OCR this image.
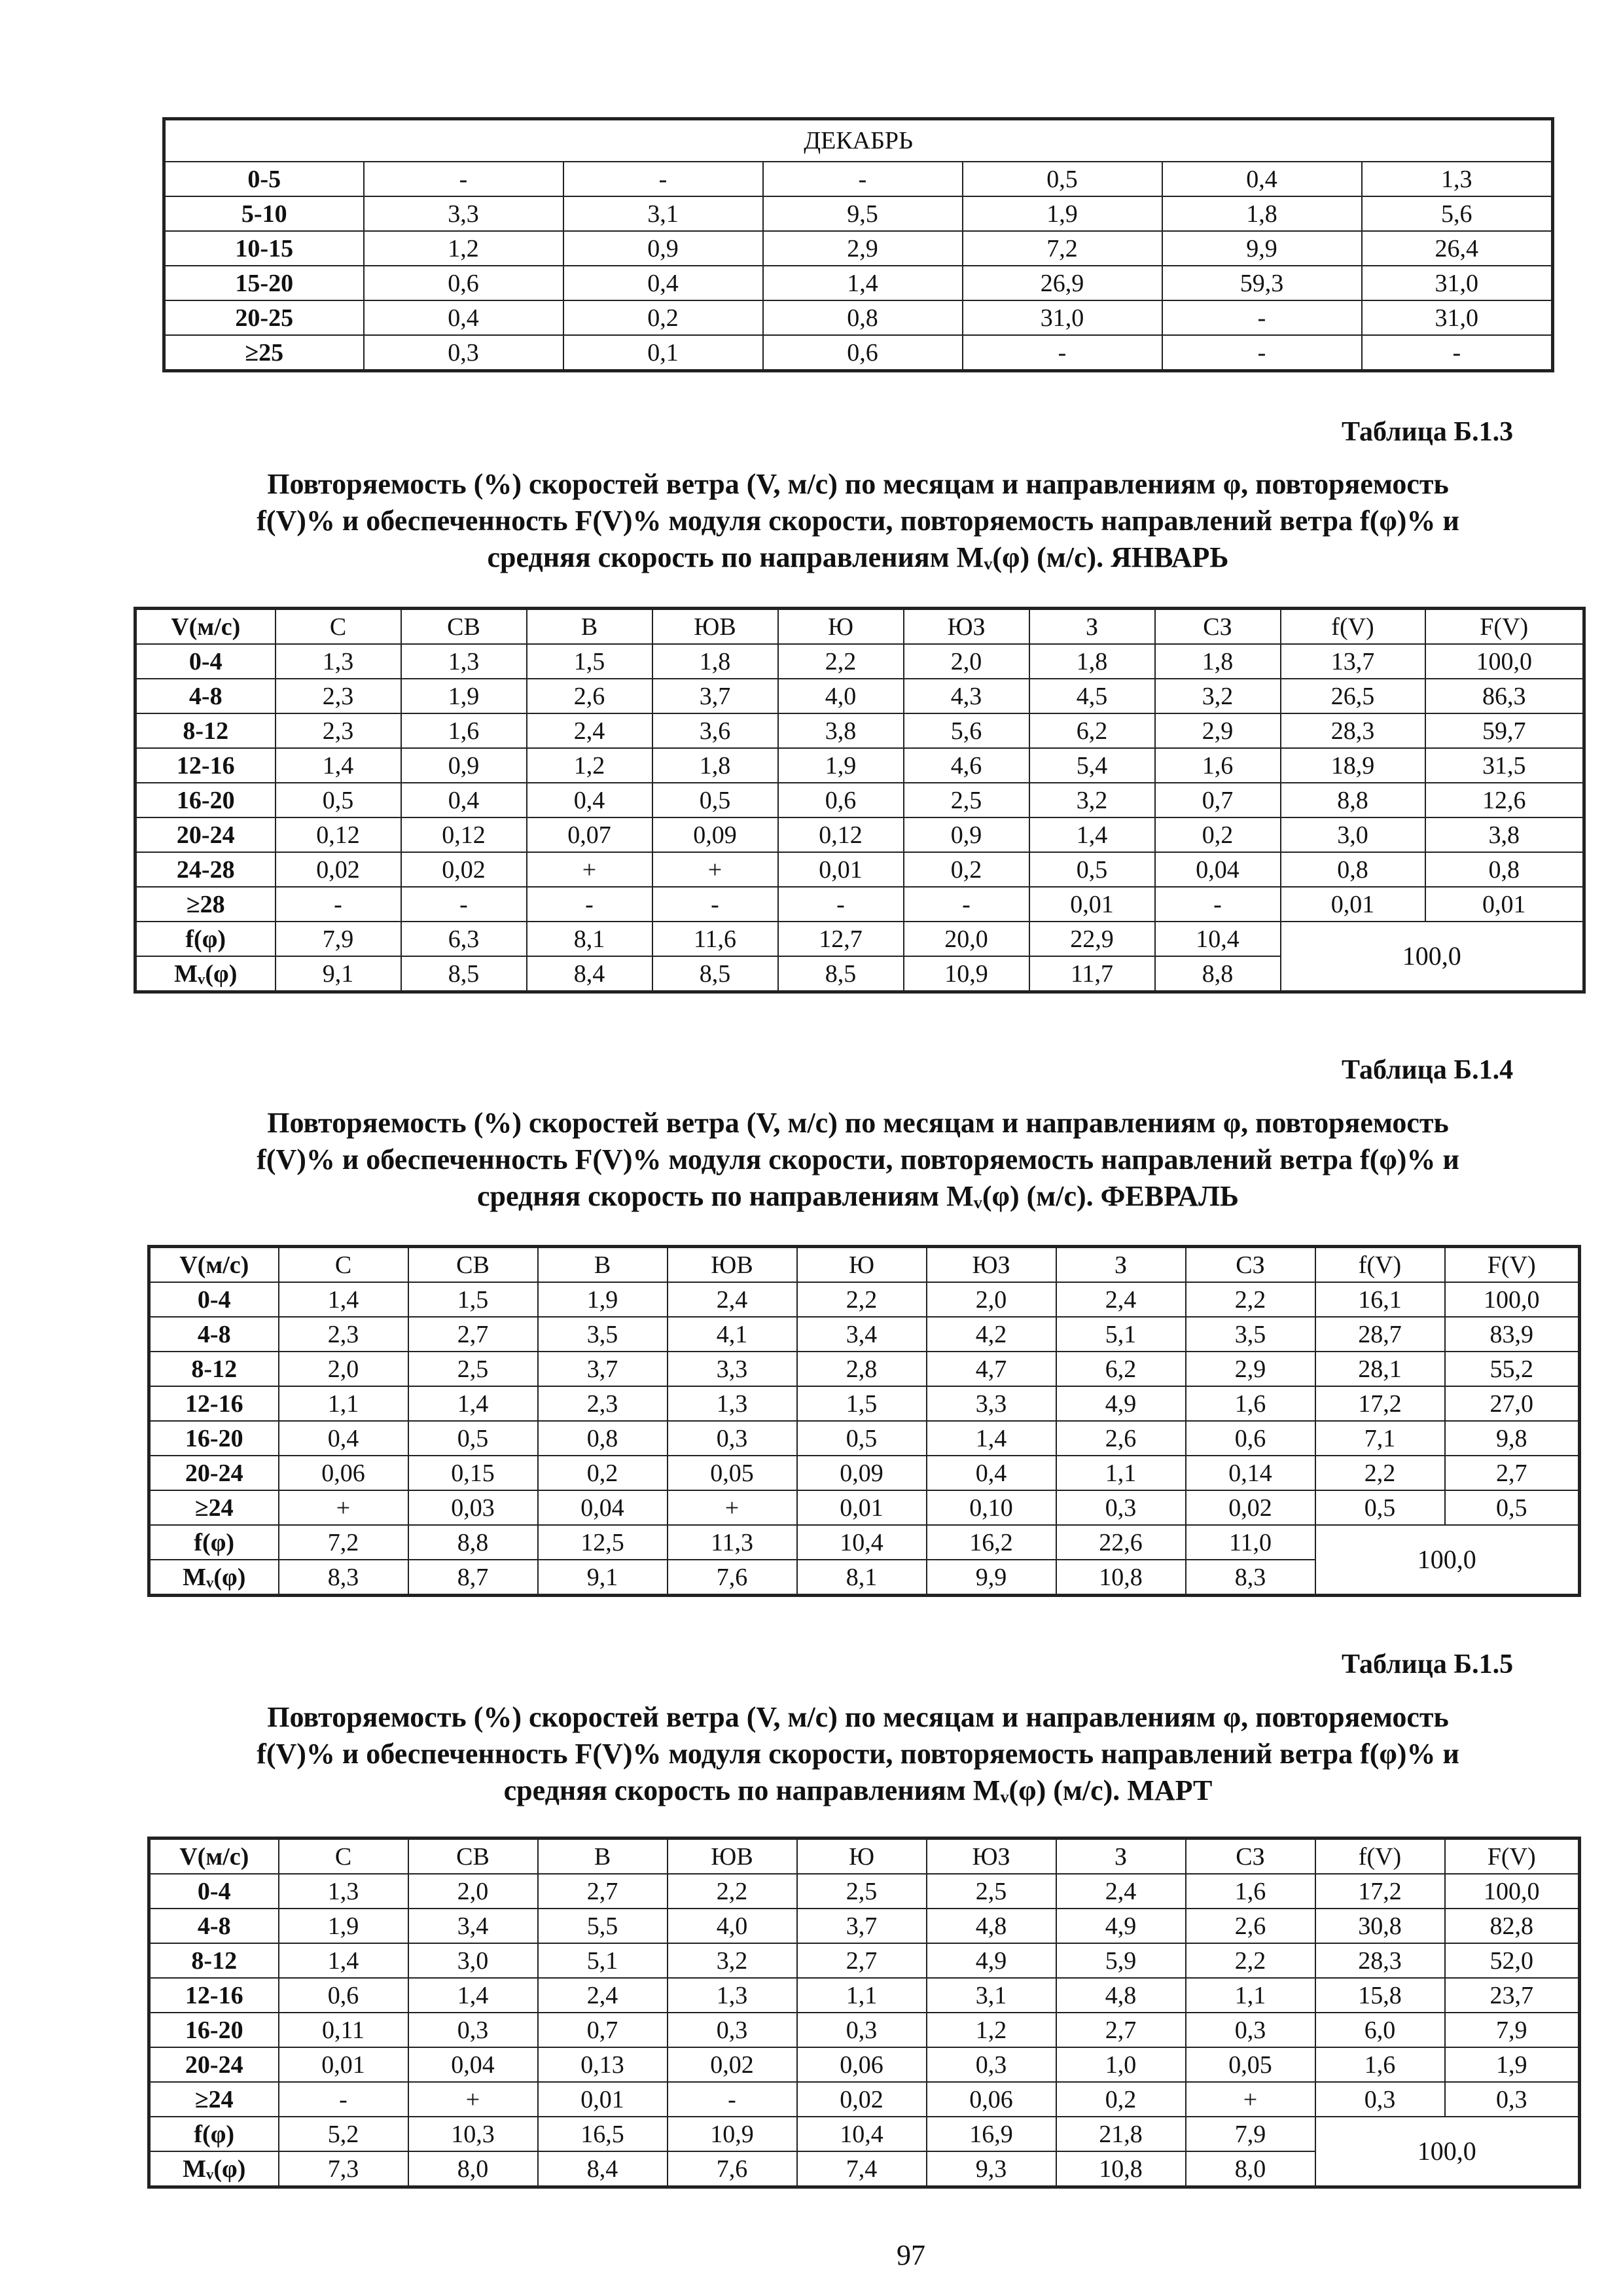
ДЕКАБРЬ						
0-5	-	-	-	0,5	0,4	1,3
5-10	3,3	3,1	9,5	1,9	1,8	5,6
10-15	1,2	0,9	2,9	7,2	9,9	26,4
15-20	0,6	0,4	1,4	26,9	59,3	31,0
20-25	0,4	0,2	0,8	31,0	-	31,0
≥25	0,3	0,1	0,6	-	-	-
Таблица Б.1.3
Повторяемость (%) скоростей ветра (V, м/с) по месяцам и направлениям φ, повторяемость
f(V)% и обеспеченность F(V)% модуля скорости, повторяемость направлений ветра f(φ)% и
средняя скорость по направлениям Mᵥ(φ) (м/с). ЯНВАРЬ
V(м/с)	С	СВ	В	ЮВ	Ю	ЮЗ	З	СЗ	f(V)	F(V)
0-4	1,3	1,3	1,5	1,8	2,2	2,0	1,8	1,8	13,7	100,0
4-8	2,3	1,9	2,6	3,7	4,0	4,3	4,5	3,2	26,5	86,3
8-12	2,3	1,6	2,4	3,6	3,8	5,6	6,2	2,9	28,3	59,7
12-16	1,4	0,9	1,2	1,8	1,9	4,6	5,4	1,6	18,9	31,5
16-20	0,5	0,4	0,4	0,5	0,6	2,5	3,2	0,7	8,8	12,6
20-24	0,12	0,12	0,07	0,09	0,12	0,9	1,4	0,2	3,0	3,8
24-28	0,02	0,02	+	+	0,01	0,2	0,5	0,04	0,8	0,8
≥28	-	-	-	-	-	-	0,01	-	0,01	0,01
f(φ)	7,9	6,3	8,1	11,6	12,7	20,0	22,9	10,4	100,0	
Mᵥ(φ)	9,1	8,5	8,4	8,5	8,5	10,9	11,7	8,8		
Таблица Б.1.4
Повторяемость (%) скоростей ветра (V, м/с) по месяцам и направлениям φ, повторяемость
f(V)% и обеспеченность F(V)% модуля скорости, повторяемость направлений ветра f(φ)% и
средняя скорость по направлениям Mᵥ(φ) (м/с). ФЕВРАЛЬ
V(м/с)	С	СВ	В	ЮВ	Ю	ЮЗ	З	СЗ	f(V)	F(V)
0-4	1,4	1,5	1,9	2,4	2,2	2,0	2,4	2,2	16,1	100,0
4-8	2,3	2,7	3,5	4,1	3,4	4,2	5,1	3,5	28,7	83,9
8-12	2,0	2,5	3,7	3,3	2,8	4,7	6,2	2,9	28,1	55,2
12-16	1,1	1,4	2,3	1,3	1,5	3,3	4,9	1,6	17,2	27,0
16-20	0,4	0,5	0,8	0,3	0,5	1,4	2,6	0,6	7,1	9,8
20-24	0,06	0,15	0,2	0,05	0,09	0,4	1,1	0,14	2,2	2,7
≥24	+	0,03	0,04	+	0,01	0,10	0,3	0,02	0,5	0,5
f(φ)	7,2	8,8	12,5	11,3	10,4	16,2	22,6	11,0	100,0	
Mᵥ(φ)	8,3	8,7	9,1	7,6	8,1	9,9	10,8	8,3		
Таблица Б.1.5
Повторяемость (%) скоростей ветра (V, м/с) по месяцам и направлениям φ, повторяемость
f(V)% и обеспеченность F(V)% модуля скорости, повторяемость направлений ветра f(φ)% и
средняя скорость по направлениям Mᵥ(φ) (м/с). МАРТ
V(м/с)	С	СВ	В	ЮВ	Ю	ЮЗ	З	СЗ	f(V)	F(V)
0-4	1,3	2,0	2,7	2,2	2,5	2,5	2,4	1,6	17,2	100,0
4-8	1,9	3,4	5,5	4,0	3,7	4,8	4,9	2,6	30,8	82,8
8-12	1,4	3,0	5,1	3,2	2,7	4,9	5,9	2,2	28,3	52,0
12-16	0,6	1,4	2,4	1,3	1,1	3,1	4,8	1,1	15,8	23,7
16-20	0,11	0,3	0,7	0,3	0,3	1,2	2,7	0,3	6,0	7,9
20-24	0,01	0,04	0,13	0,02	0,06	0,3	1,0	0,05	1,6	1,9
≥24	-	+	0,01	-	0,02	0,06	0,2	+	0,3	0,3
f(φ)	5,2	10,3	16,5	10,9	10,4	16,9	21,8	7,9	100,0	
Mᵥ(φ)	7,3	8,0	8,4	7,6	7,4	9,3	10,8	8,0		
97
